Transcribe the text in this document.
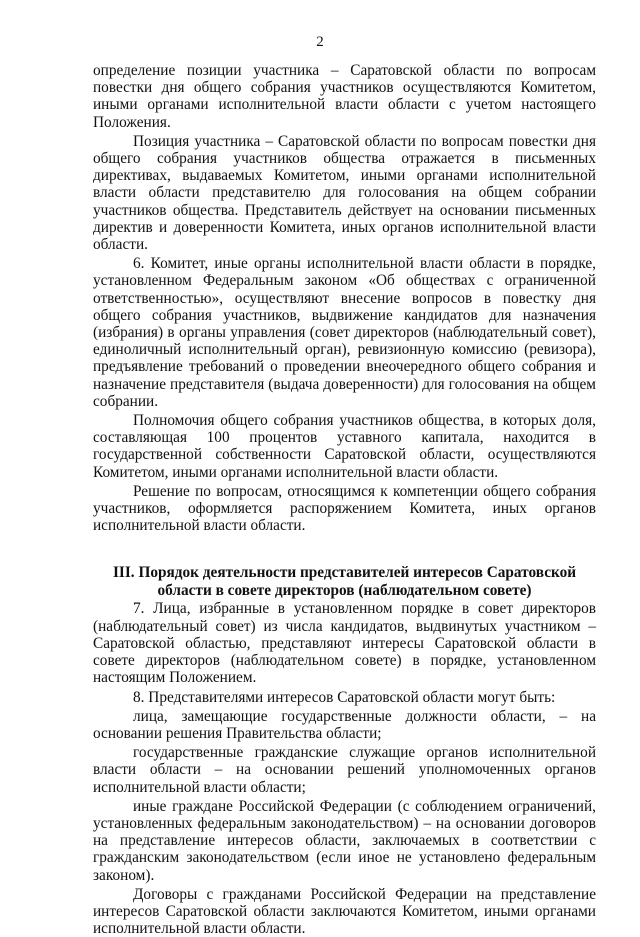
2

определение позиции участника – Саратовской области по вопросам повестки дня общего собрания участников осуществляются Комитетом, иными органами исполнительной власти области с учетом настоящего Положения.

Позиция участника – Саратовской области по вопросам повестки дня общего собрания участников общества отражается в письменных директивах, выдаваемых Комитетом, иными органами исполнительной власти области представителю для голосования на общем собрании участников общества. Представитель действует на основании письменных директив и доверенности Комитета, иных органов исполнительной власти области.

6. Комитет, иные органы исполнительной власти области в порядке, установленном Федеральным законом «Об обществах с ограниченной ответственностью», осуществляют внесение вопросов в повестку дня общего собрания участников, выдвижение кандидатов для назначения (избрания) в органы управления (совет директоров (наблюдательный совет), единоличный исполнительный орган), ревизионную комиссию (ревизора), предъявление требований о проведении внеочередного общего собрания и назначение представителя (выдача доверенности) для голосования на общем собрании.

Полномочия общего собрания участников общества, в которых доля, составляющая 100 процентов уставного капитала, находится в государственной собственности Саратовской области, осуществляются Комитетом, иными органами исполнительной власти области.

Решение по вопросам, относящимся к компетенции общего собрания участников, оформляется распоряжением Комитета, иных органов исполнительной власти области.

III. Порядок деятельности представителей интересов Саратовской области в совете директоров (наблюдательном совете)

7. Лица, избранные в установленном порядке в совет директоров (наблюдательный совет) из числа кандидатов, выдвинутых участником – Саратовской областью, представляют интересы Саратовской области в совете директоров (наблюдательном совете) в порядке, установленном настоящим Положением.

8. Представителями интересов Саратовской области могут быть:

лица, замещающие государственные должности области, – на основании решения Правительства области;

государственные гражданские служащие органов исполнительной власти области – на основании решений уполномоченных органов исполнительной власти области;

иные граждане Российской Федерации (с соблюдением ограничений, установленных федеральным законодательством) – на основании договоров на представление интересов области, заключаемых в соответствии с гражданским законодательством (если иное не установлено федеральным законом).

Договоры с гражданами Российской Федерации на представление интересов Саратовской области заключаются Комитетом, иными органами исполнительной власти области.
